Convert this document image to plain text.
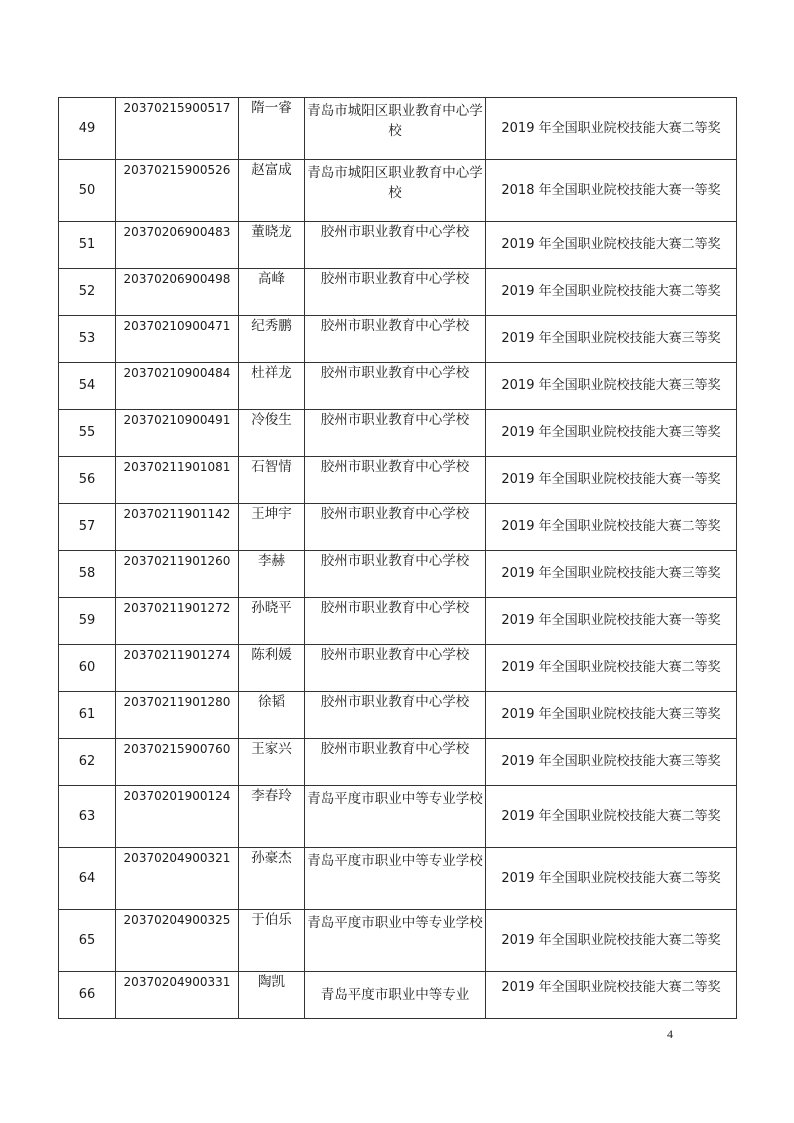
49	20370215900517	隋一睿	青岛市城阳区职业教育中心学校	2019 年全国职业院校技能大赛二等奖
50	20370215900526	赵富成	青岛市城阳区职业教育中心学校	2018 年全国职业院校技能大赛一等奖
51	20370206900483	董晓龙	胶州市职业教育中心学校	2019 年全国职业院校技能大赛二等奖
52	20370206900498	高峰	胶州市职业教育中心学校	2019 年全国职业院校技能大赛二等奖
53	20370210900471	纪秀鹏	胶州市职业教育中心学校	2019 年全国职业院校技能大赛三等奖
54	20370210900484	杜祥龙	胶州市职业教育中心学校	2019 年全国职业院校技能大赛三等奖
55	20370210900491	冷俊生	胶州市职业教育中心学校	2019 年全国职业院校技能大赛三等奖
56	20370211901081	石智情	胶州市职业教育中心学校	2019 年全国职业院校技能大赛一等奖
57	20370211901142	王坤宇	胶州市职业教育中心学校	2019 年全国职业院校技能大赛二等奖
58	20370211901260	李赫	胶州市职业教育中心学校	2019 年全国职业院校技能大赛三等奖
59	20370211901272	孙晓平	胶州市职业教育中心学校	2019 年全国职业院校技能大赛一等奖
60	20370211901274	陈利媛	胶州市职业教育中心学校	2019 年全国职业院校技能大赛二等奖
61	20370211901280	徐韬	胶州市职业教育中心学校	2019 年全国职业院校技能大赛三等奖
62	20370215900760	王家兴	胶州市职业教育中心学校	2019 年全国职业院校技能大赛三等奖
63	20370201900124	李春玲	青岛平度市职业中等专业学校	2019 年全国职业院校技能大赛二等奖
64	20370204900321	孙豪杰	青岛平度市职业中等专业学校	2019 年全国职业院校技能大赛二等奖
65	20370204900325	于伯乐	青岛平度市职业中等专业学校	2019 年全国职业院校技能大赛二等奖
66	20370204900331	陶凯	青岛平度市职业中等专业	2019 年全国职业院校技能大赛二等奖
4
